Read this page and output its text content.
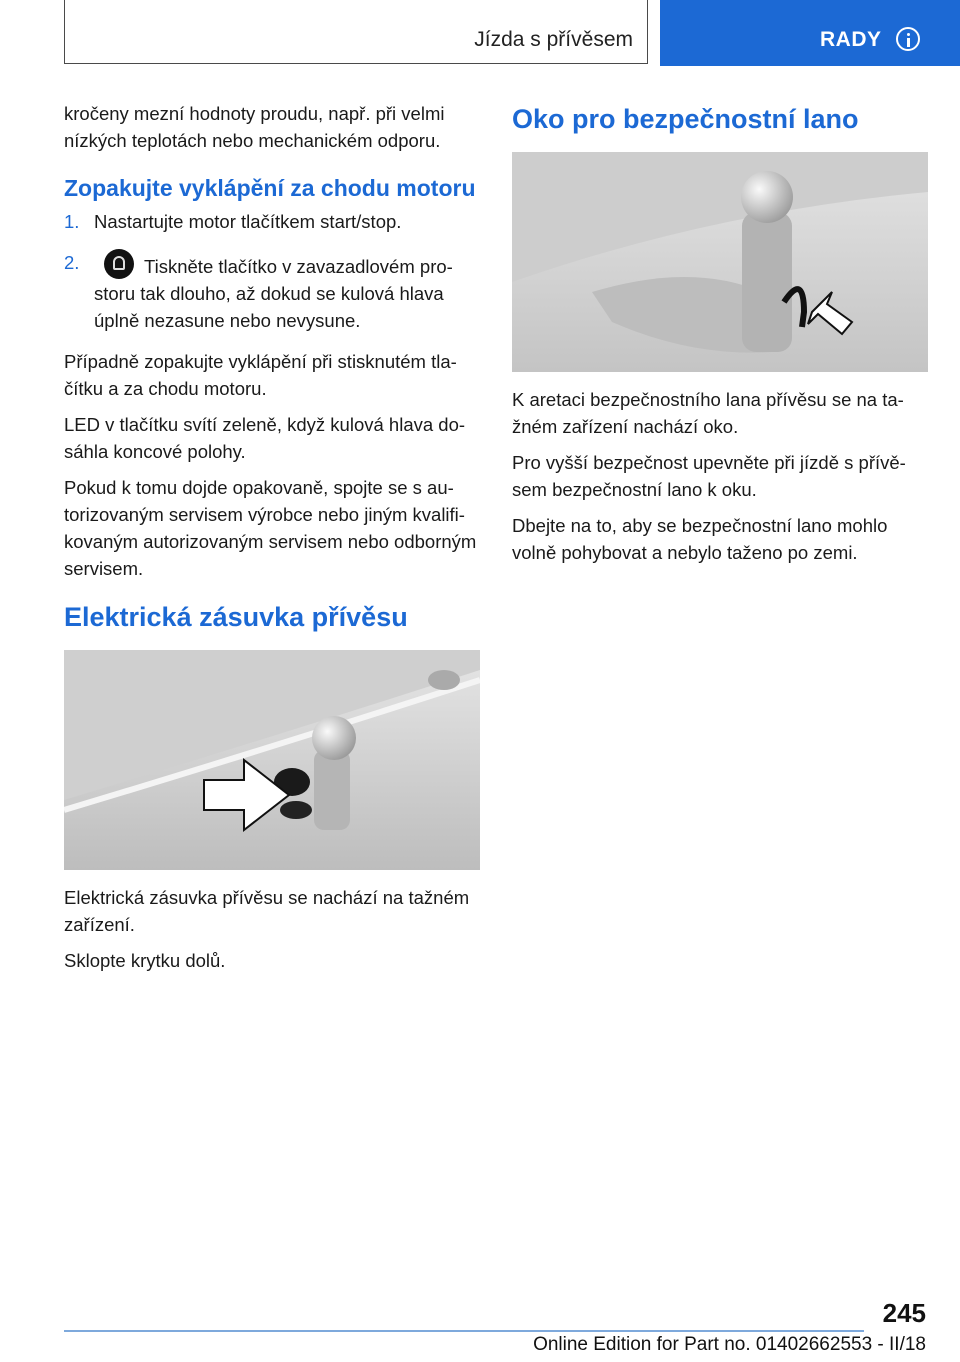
Jízda s přívěsem	RADY

kročeny mezní hodnoty proudu, např. při velmi nízkých teplotách nebo mechanickém odporu.

Zopakujte vyklápění za chodu motoru
1. Nastartujte motor tlačítkem start/stop.
2.	Tiskněte tlačítko v zavazadlovém prostoru tak dlouho, až dokud se kulová hlava úplně nezasune nebo nevysune.

Případně zopakujte vyklápění při stisknutém tlačítku a za chodu motoru.

LED v tlačítku svítí zeleně, když kulová hlava dosáhla koncové polohy.

Pokud k tomu dojde opakovaně, spojte se s autorizovaným servisem výrobce nebo jiným kvalifikovaným autorizovaným servisem nebo odborným servisem.

Elektrická zásuvka přívěsu

Elektrická zásuvka přívěsu se nachází na tažném zařízení.

Sklopte krytku dolů.

Oko pro bezpečnostní lano

K aretaci bezpečnostního lana přívěsu se na tažném zařízení nachází oko.

Pro vyšší bezpečnost upevněte při jízdě s přívěsem bezpečnostní lano k oku.

Dbejte na to, aby se bezpečnostní lano mohlo volně pohybovat a nebylo taženo po zemi.

245
Online Edition for Part no. 01402662553 - II/18
